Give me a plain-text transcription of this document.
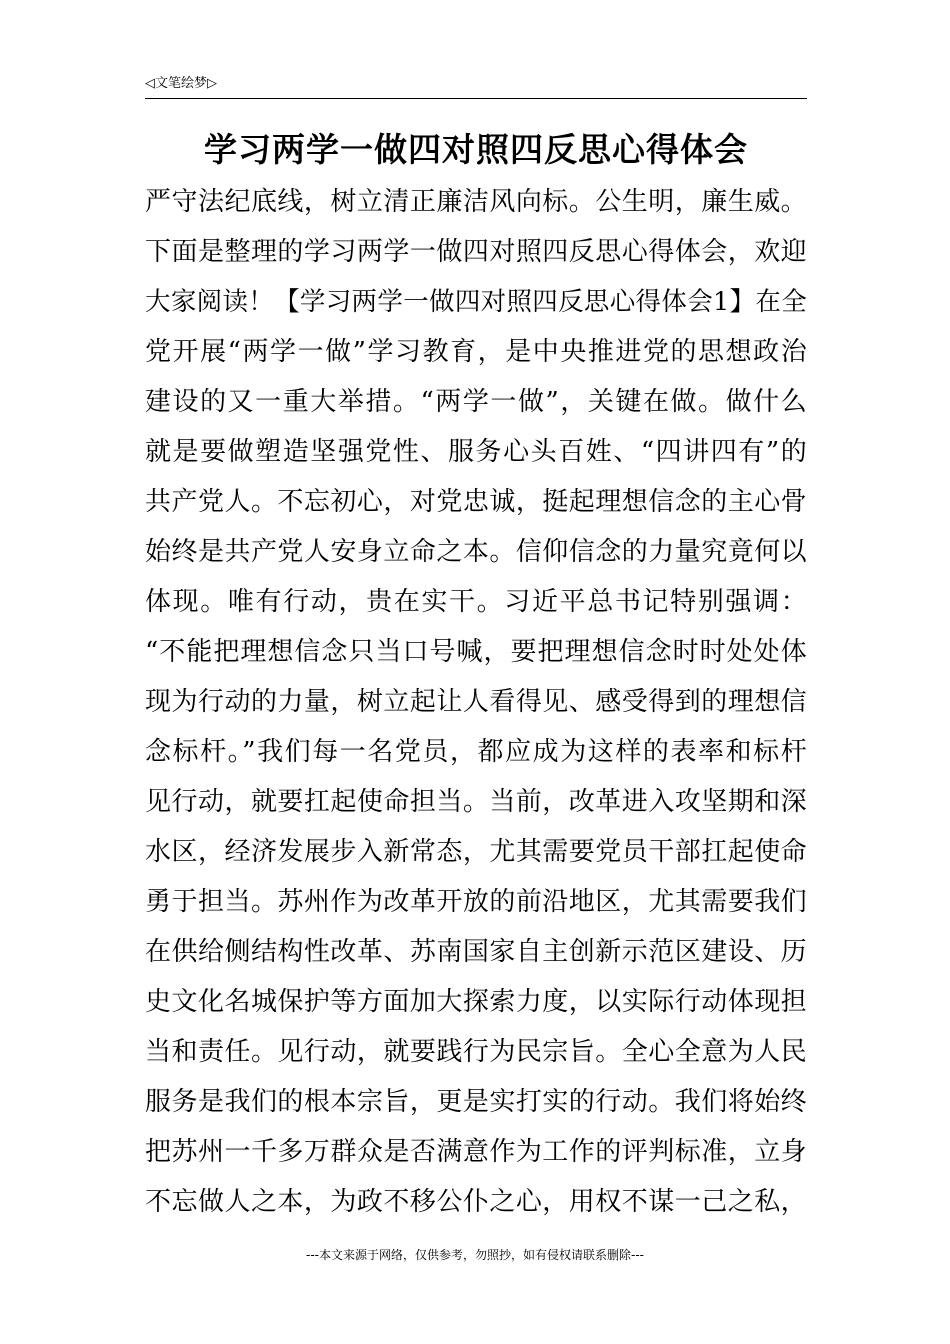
◁文笔绘梦▷
学习两学一做四对照四反思心得体会
严守法纪底线，树立清正廉洁风向标。公生明，廉生威。
下面是整理的学习两学一做四对照四反思心得体会，欢迎
大家阅读！【学习两学一做四对照四反思心得体会1】在全
党开展“两学一做”学习教育，是中央推进党的思想政治
建设的又一重大举措。“两学一做”，关键在做。做什么
就是要做塑造坚强党性、服务心头百姓、“四讲四有”的
共产党人。不忘初心，对党忠诚，挺起理想信念的主心骨
始终是共产党人安身立命之本。信仰信念的力量究竟何以
体现。唯有行动，贵在实干。习近平总书记特别强调：
“不能把理想信念只当口号喊，要把理想信念时时处处体
现为行动的力量，树立起让人看得见、感受得到的理想信
念标杆。”我们每一名党员，都应成为这样的表率和标杆
见行动，就要扛起使命担当。当前，改革进入攻坚期和深
水区，经济发展步入新常态，尤其需要党员干部扛起使命
勇于担当。苏州作为改革开放的前沿地区，尤其需要我们
在供给侧结构性改革、苏南国家自主创新示范区建设、历
史文化名城保护等方面加大探索力度，以实际行动体现担
当和责任。见行动，就要践行为民宗旨。全心全意为人民
服务是我们的根本宗旨，更是实打实的行动。我们将始终
把苏州一千多万群众是否满意作为工作的评判标准，立身
不忘做人之本，为政不移公仆之心，用权不谋一己之私，
---本文来源于网络，仅供参考，勿照抄，如有侵权请联系删除---
